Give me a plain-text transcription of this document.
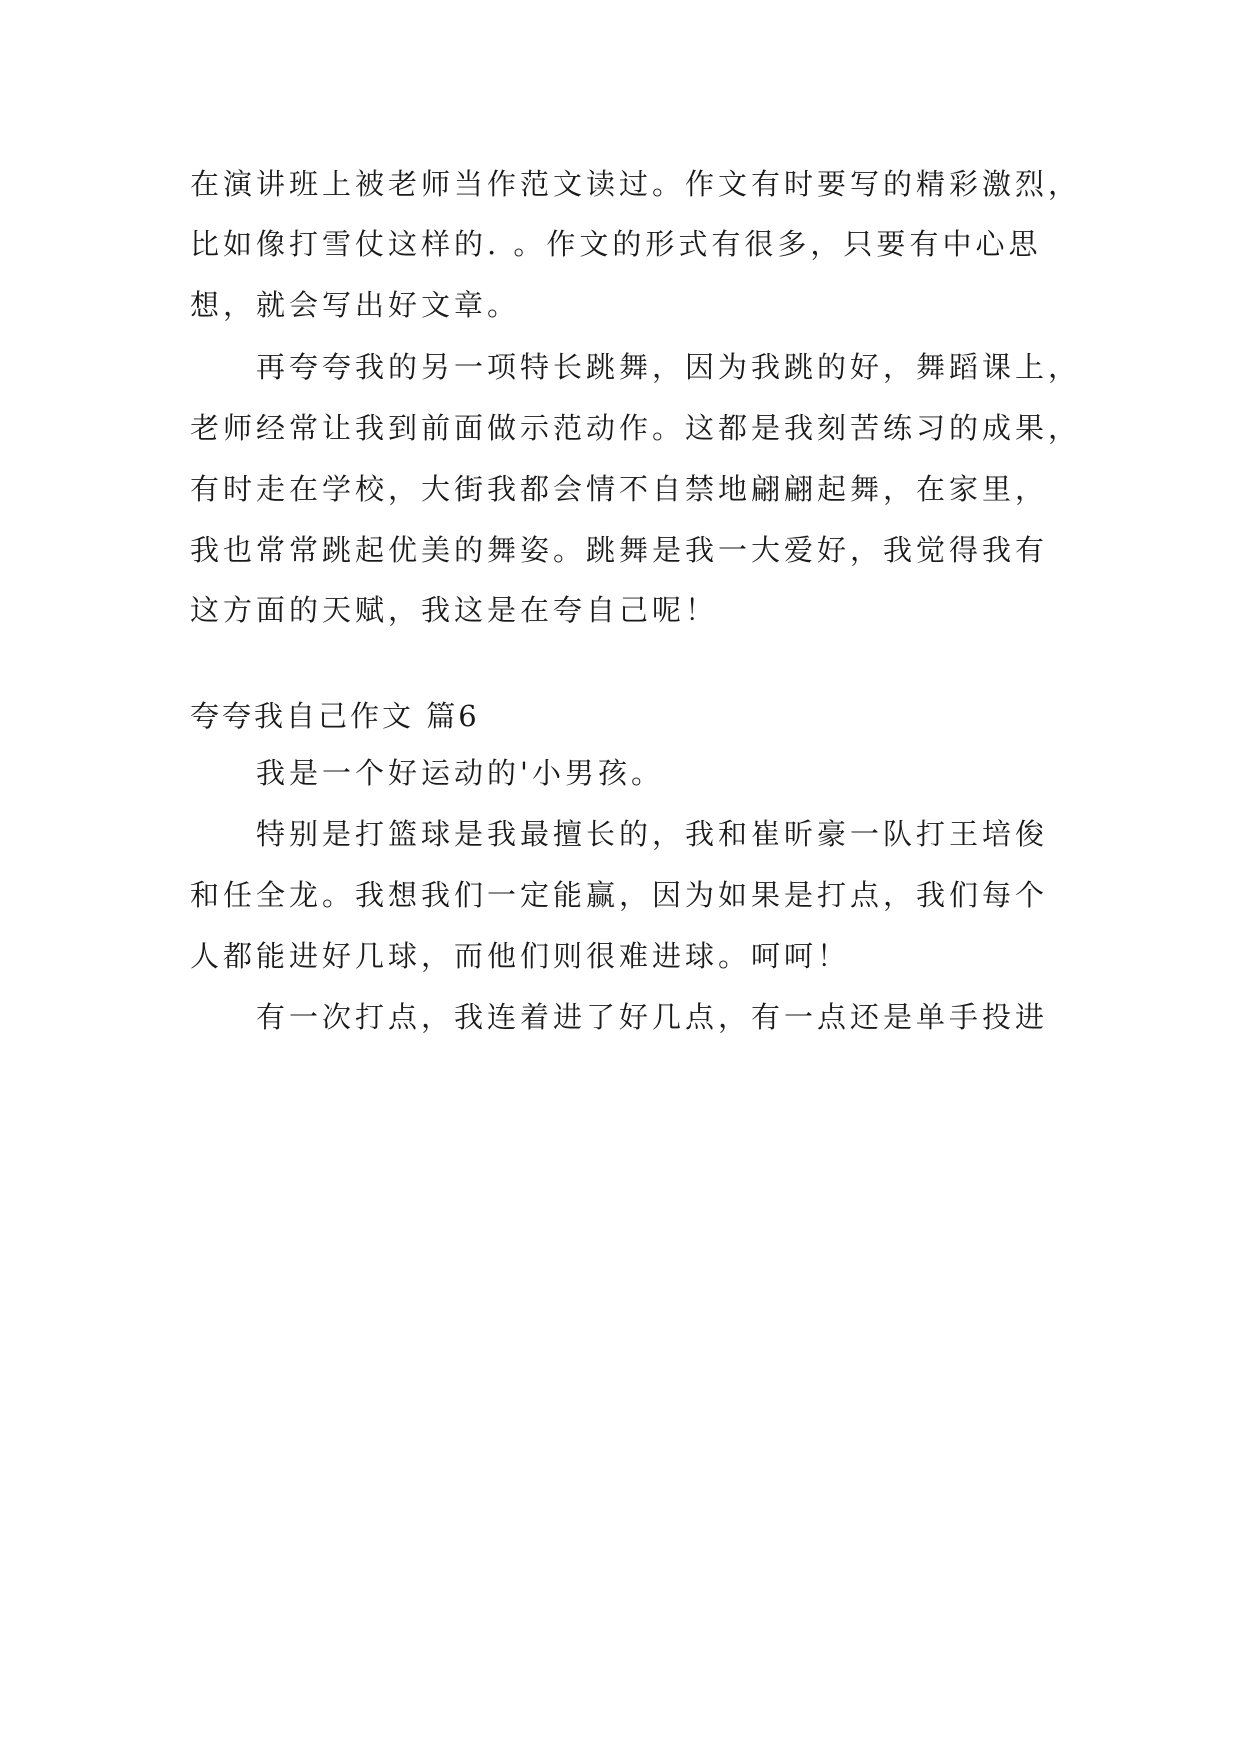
在演讲班上被老师当作范文读过。作文有时要写的精彩激烈，
比如像打雪仗这样的. 。作文的形式有很多，只要有中心思
想，就会写出好文章。
再夸夸我的另一项特长跳舞，因为我跳的好，舞蹈课上，
老师经常让我到前面做示范动作。这都是我刻苦练习的成果，
有时走在学校，大街我都会情不自禁地翩翩起舞，在家里，
我也常常跳起优美的舞姿。跳舞是我一大爱好，我觉得我有
这方面的天赋，我这是在夸自己呢！
夸夸我自己作文 篇6
我是一个好运动的'小男孩。
特别是打篮球是我最擅长的，我和崔昕豪一队打王培俊
和任全龙。我想我们一定能赢，因为如果是打点，我们每个
人都能进好几球，而他们则很难进球。呵呵！
有一次打点，我连着进了好几点，有一点还是单手投进
